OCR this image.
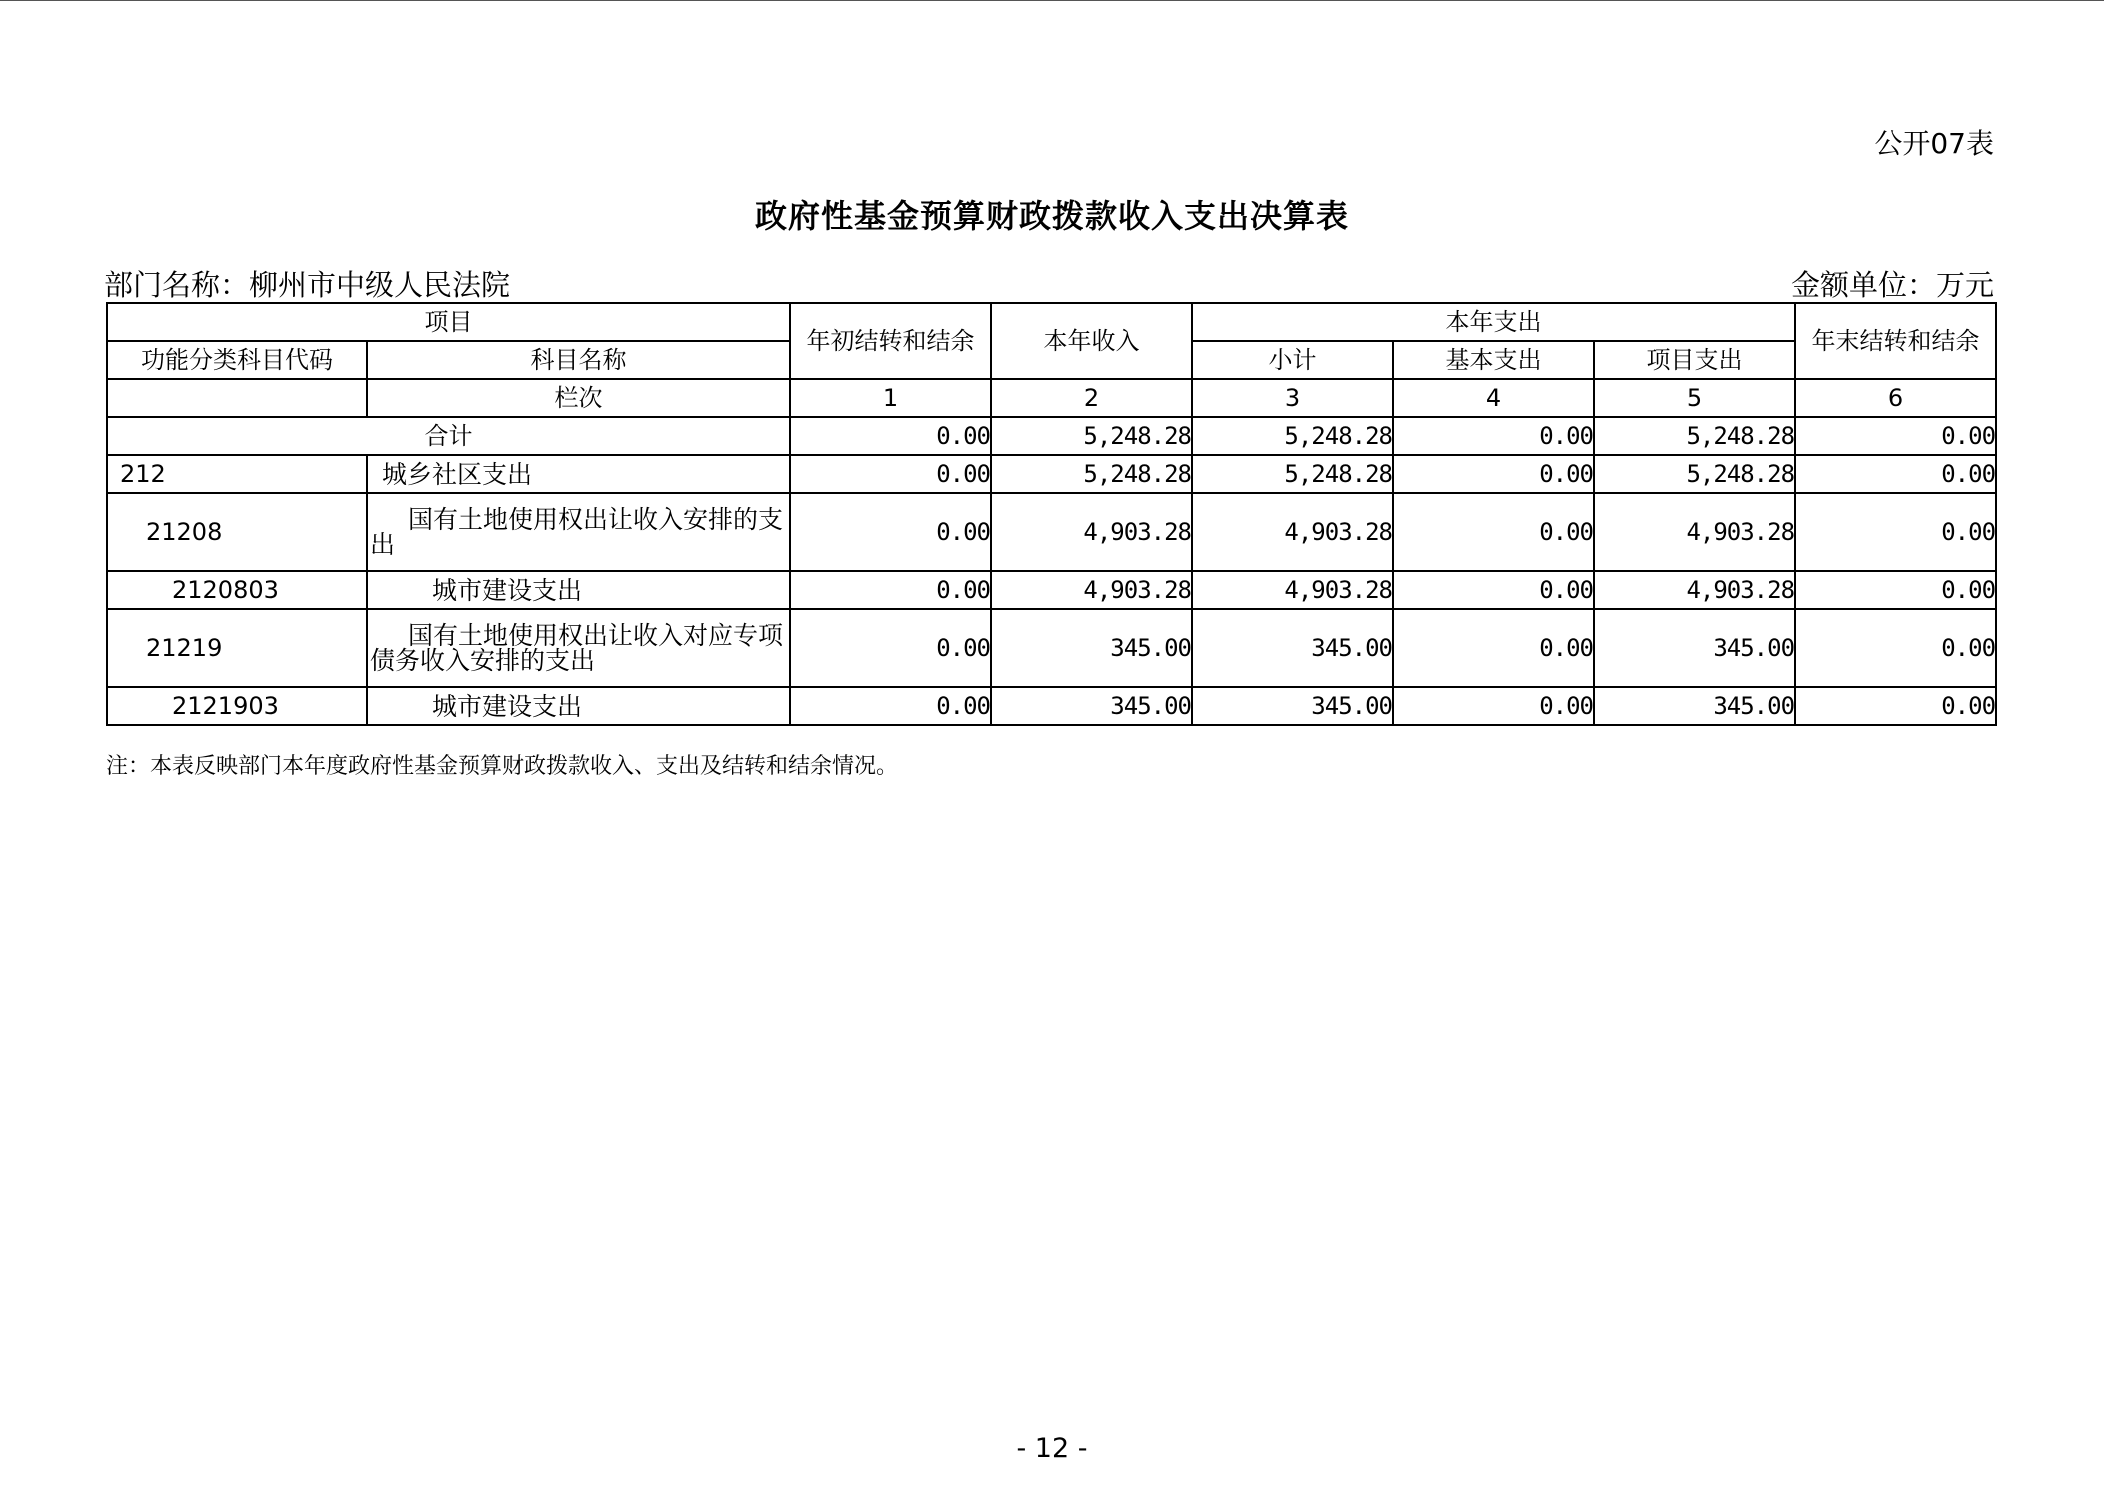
公开07表
政府性基金预算财政拨款收入支出决算表
部门名称：柳州市中级人民法院	金额单位：万元
项目		年初结转和结余	本年收入	本年支出			年末结转和结余
功能分类科目代码	科目名称			小计	基本支出	项目支出	
	栏次	1	2	3	4	5	6
合计		0.00	5,248.28	5,248.28	0.00	5,248.28	0.00
212	城乡社区支出	0.00	5,248.28	5,248.28	0.00	5,248.28	0.00
21208	国有土地使用权出让收入安排的支出	0.00	4,903.28	4,903.28	0.00	4,903.28	0.00
2120803	城市建设支出	0.00	4,903.28	4,903.28	0.00	4,903.28	0.00
21219	国有土地使用权出让收入对应专项债务收入安排的支出	0.00	345.00	345.00	0.00	345.00	0.00
2121903	城市建设支出	0.00	345.00	345.00	0.00	345.00	0.00
注：本表反映部门本年度政府性基金预算财政拨款收入、支出及结转和结余情况。
- 12 -
